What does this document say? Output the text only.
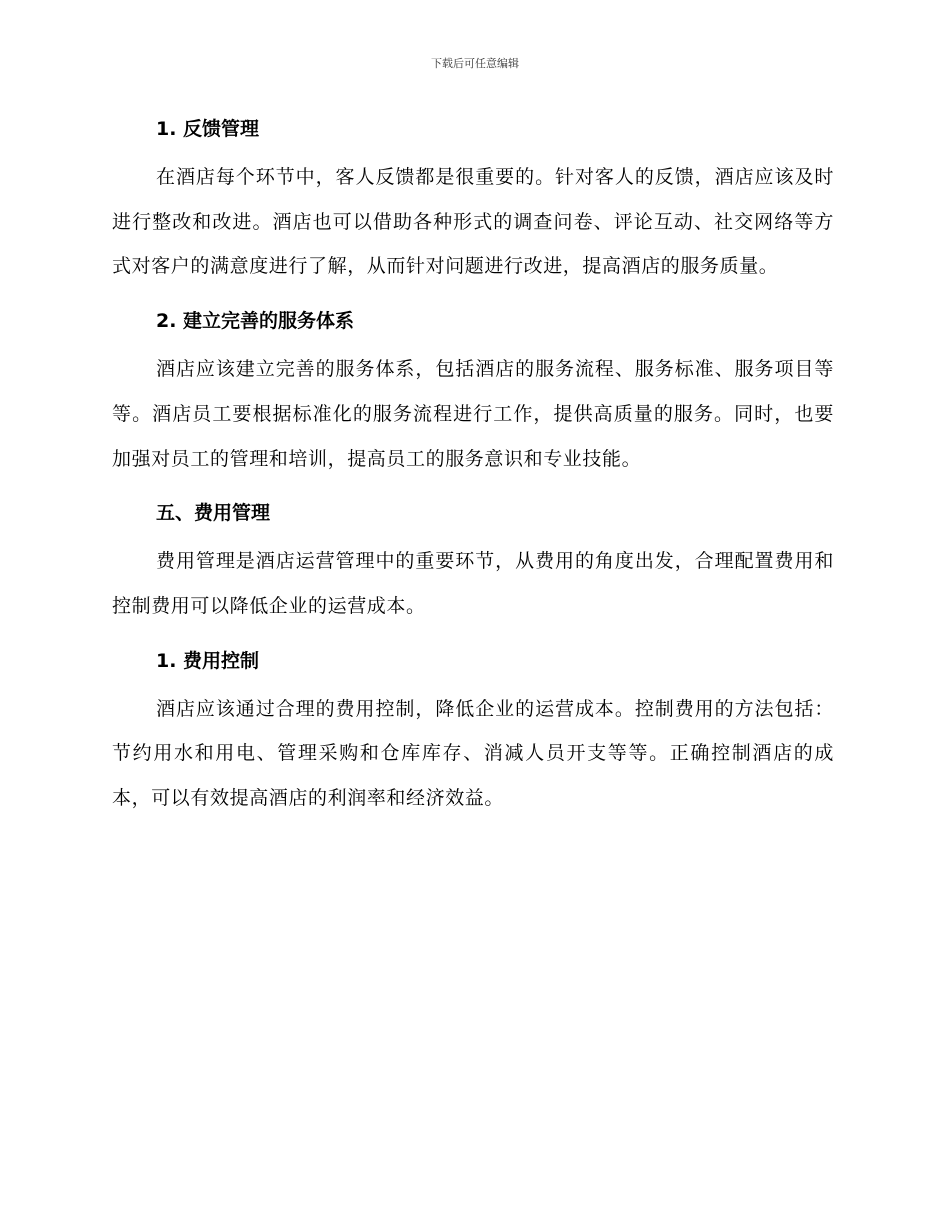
下载后可任意编辑
1. 反馈管理

在酒店每个环节中，客人反馈都是很重要的。针对客人的反馈，酒店应该及时进行整改和改进。酒店也可以借助各种形式的调查问卷、评论互动、社交网络等方式对客户的满意度进行了解，从而针对问题进行改进，提高酒店的服务质量。

2. 建立完善的服务体系

酒店应该建立完善的服务体系，包括酒店的服务流程、服务标准、服务项目等等。酒店员工要根据标准化的服务流程进行工作，提供高质量的服务。同时，也要加强对员工的管理和培训，提高员工的服务意识和专业技能。

五、费用管理

费用管理是酒店运营管理中的重要环节，从费用的角度出发，合理配置费用和控制费用可以降低企业的运营成本。

1. 费用控制

酒店应该通过合理的费用控制，降低企业的运营成本。控制费用的方法包括：节约用水和用电、管理采购和仓库库存、消减人员开支等等。正确控制酒店的成本，可以有效提高酒店的利润率和经济效益。
